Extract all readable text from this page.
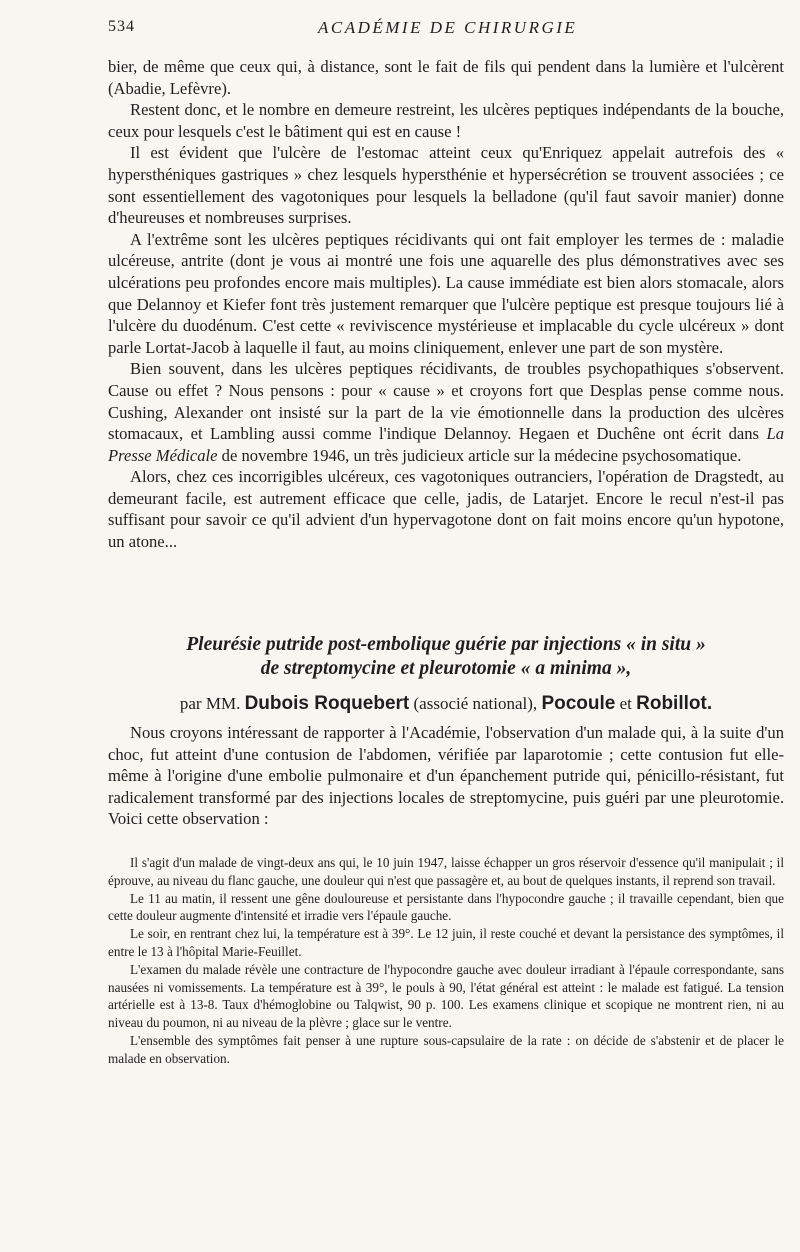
534	ACADÉMIE DE CHIRURGIE

bier, de même que ceux qui, à distance, sont le fait de fils qui pendent dans la lumière et l'ulcèrent (Abadie, Lefèvre).

Restent donc, et le nombre en demeure restreint, les ulcères peptiques indépendants de la bouche, ceux pour lesquels c'est le bâtiment qui est en cause !

Il est évident que l'ulcère de l'estomac atteint ceux qu'Enriquez appelait autrefois des « hypersthéniques gastriques » chez lesquels hypersthénie et hypersécrétion se trouvent associées ; ce sont essentiellement des vagotoniques pour lesquels la belladone (qu'il faut savoir manier) donne d'heureuses et nombreuses surprises.

A l'extrême sont les ulcères peptiques récidivants qui ont fait employer les termes de : maladie ulcéreuse, antrite (dont je vous ai montré une fois une aquarelle des plus démonstratives avec ses ulcérations peu profondes encore mais multiples). La cause immédiate est bien alors stomacale, alors que Delannoy et Kiefer font très justement remarquer que l'ulcère peptique est presque toujours lié à l'ulcère du duodénum. C'est cette « reviviscence mystérieuse et implacable du cycle ulcéreux » dont parle Lortat-Jacob à laquelle il faut, au moins cliniquement, enlever une part de son mystère.

Bien souvent, dans les ulcères peptiques récidivants, de troubles psychopathiques s'observent. Cause ou effet ? Nous pensons : pour « cause » et croyons fort que Desplas pense comme nous. Cushing, Alexander ont insisté sur la part de la vie émotionnelle dans la production des ulcères stomacaux, et Lambling aussi comme l'indique Delannoy. Hegaen et Duchêne ont écrit dans La Presse Médicale de novembre 1946, un très judicieux article sur la médecine psychosomatique.

Alors, chez ces incorrigibles ulcéreux, ces vagotoniques outranciers, l'opération de Dragstedt, au demeurant facile, est autrement efficace que celle, jadis, de Latarjet. Encore le recul n'est-il pas suffisant pour savoir ce qu'il advient d'un hypervagotone dont on fait moins encore qu'un hypotone, un atone...

Pleurésie putride post-embolique guérie par injections « in situ »
de streptomycine et pleurotomie « a minima »,
par MM. Dubois Roquebert (associé national), Pocoule et Robillot.

Nous croyons intéressant de rapporter à l'Académie, l'observation d'un malade qui, à la suite d'un choc, fut atteint d'une contusion de l'abdomen, vérifiée par laparotomie ; cette contusion fut elle-même à l'origine d'une embolie pulmonaire et d'un épanchement putride qui, pénicillo-résistant, fut radicalement transformé par des injections locales de streptomycine, puis guéri par une pleurotomie. Voici cette observation :

Il s'agit d'un malade de vingt-deux ans qui, le 10 juin 1947, laisse échapper un gros réservoir d'essence qu'il manipulait ; il éprouve, au niveau du flanc gauche, une douleur qui n'est que passagère et, au bout de quelques instants, il reprend son travail.

Le 11 au matin, il ressent une gêne douloureuse et persistante dans l'hypocondre gauche ; il travaille cependant, bien que cette douleur augmente d'intensité et irradie vers l'épaule gauche.

Le soir, en rentrant chez lui, la température est à 39°. Le 12 juin, il reste couché et devant la persistance des symptômes, il entre le 13 à l'hôpital Marie-Feuillet.

L'examen du malade révèle une contracture de l'hypocondre gauche avec douleur irradiant à l'épaule correspondante, sans nausées ni vomissements. La température est à 39°, le pouls à 90, l'état général est atteint : le malade est fatigué. La tension artérielle est à 13-8. Taux d'hémoglobine ou Talqwist, 90 p. 100. Les examens clinique et scopique ne montrent rien, ni au niveau du poumon, ni au niveau de la plèvre ; glace sur le ventre.

L'ensemble des symptômes fait penser à une rupture sous-capsulaire de la rate : on décide de s'abstenir et de placer le malade en observation.
